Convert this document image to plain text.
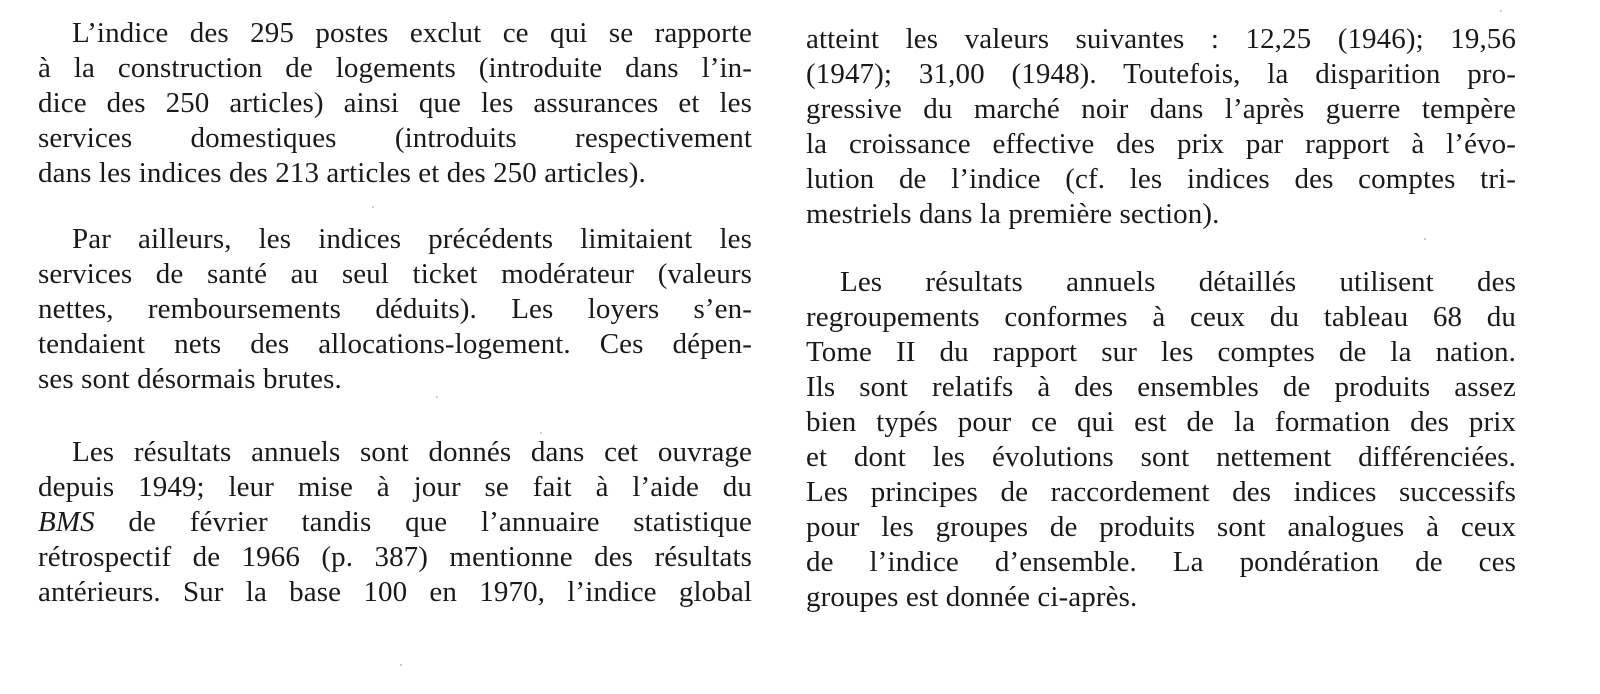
L’indice des 295 postes exclut ce qui se rapporte
à la construction de logements (introduite dans l’in-
dice des 250 articles) ainsi que les assurances et les
services domestiques (introduits respectivement
dans les indices des 213 articles et des 250 articles).
Par ailleurs, les indices précédents limitaient les
services de santé au seul ticket modérateur (valeurs
nettes, remboursements déduits). Les loyers s’en-
tendaient nets des allocations-logement. Ces dépen-
ses sont désormais brutes.
Les résultats annuels sont donnés dans cet ouvrage
depuis 1949; leur mise à jour se fait à l’aide du
BMS de février tandis que l’annuaire statistique
rétrospectif de 1966 (p. 387) mentionne des résultats
antérieurs. Sur la base 100 en 1970, l’indice global
atteint les valeurs suivantes : 12,25 (1946); 19,56
(1947); 31,00 (1948). Toutefois, la disparition pro-
gressive du marché noir dans l’après guerre tempère
la croissance effective des prix par rapport à l’évo-
lution de l’indice (cf. les indices des comptes tri-
mestriels dans la première section).
Les résultats annuels détaillés utilisent des
regroupements conformes à ceux du tableau 68 du
Tome II du rapport sur les comptes de la nation.
Ils sont relatifs à des ensembles de produits assez
bien typés pour ce qui est de la formation des prix
et dont les évolutions sont nettement différenciées.
Les principes de raccordement des indices successifs
pour les groupes de produits sont analogues à ceux
de l’indice d’ensemble. La pondération de ces
groupes est donnée ci-après.
